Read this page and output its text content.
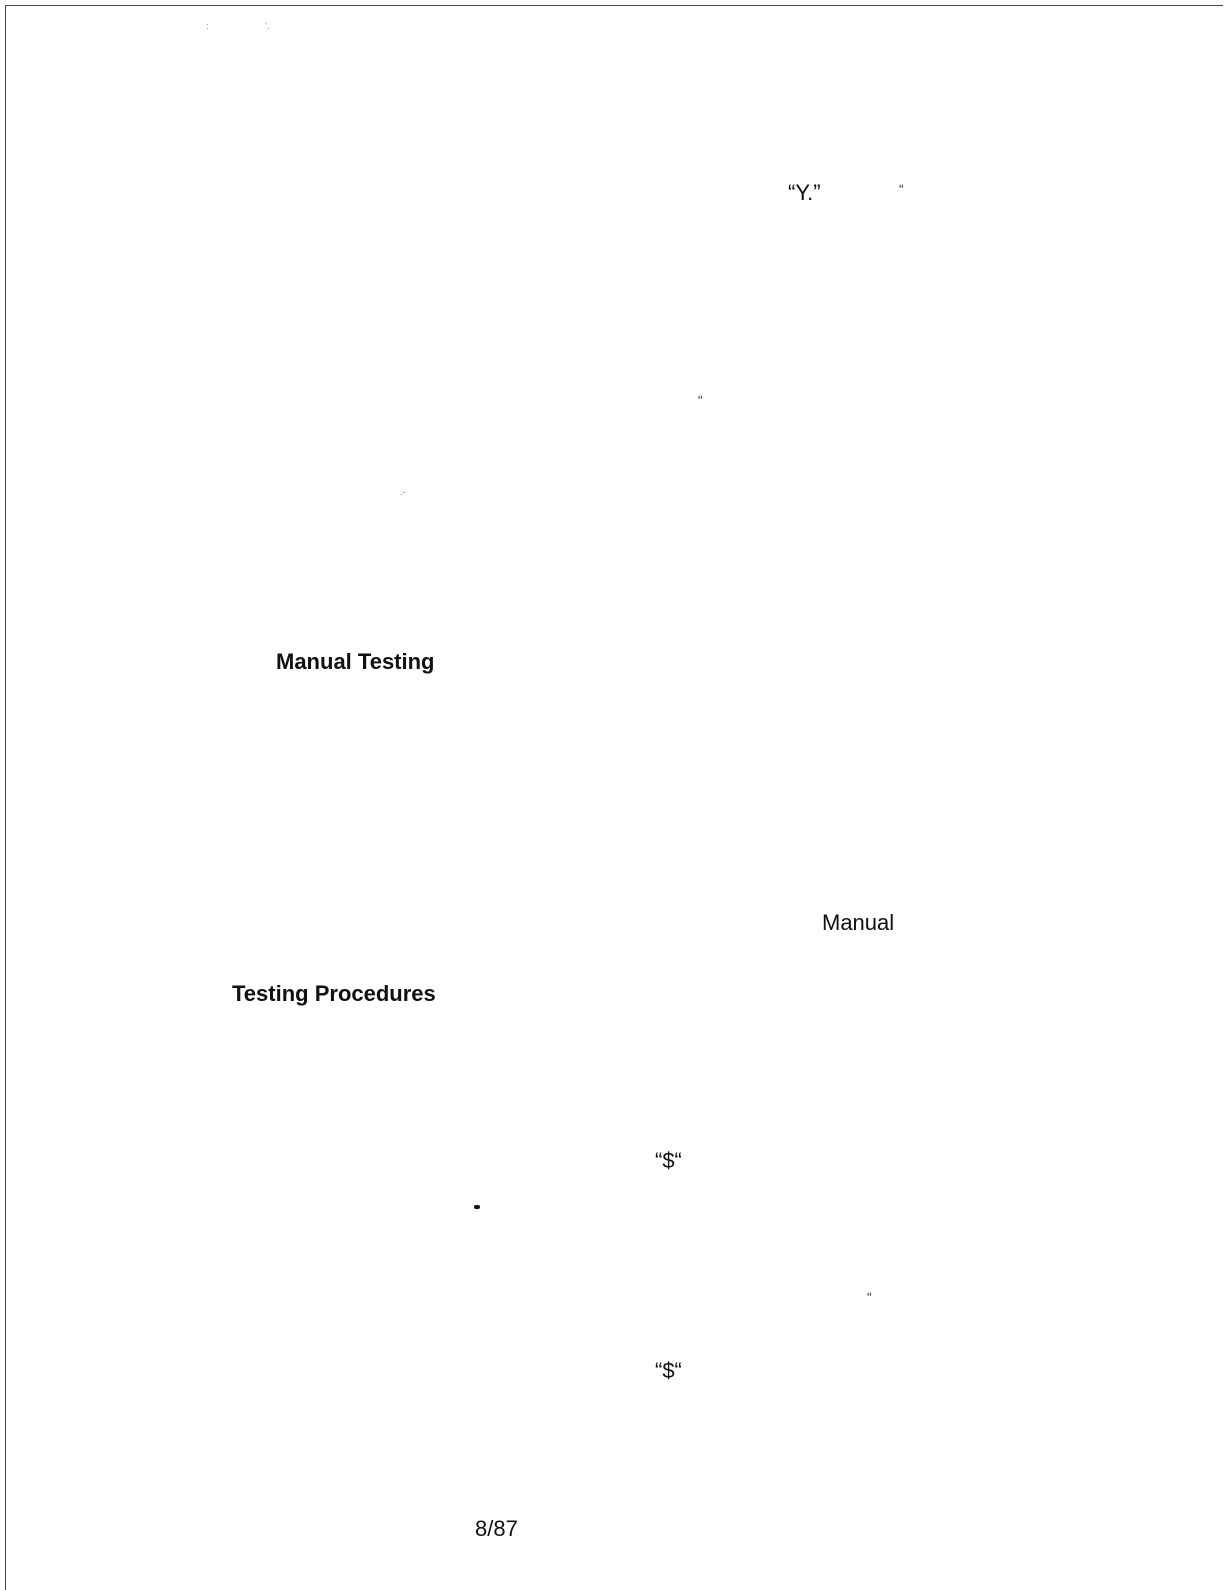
:	‘.
“Y.”	“
“
.-
Manual Testing
Manual
Testing Procedures
“$“
“
“$“
8/87
